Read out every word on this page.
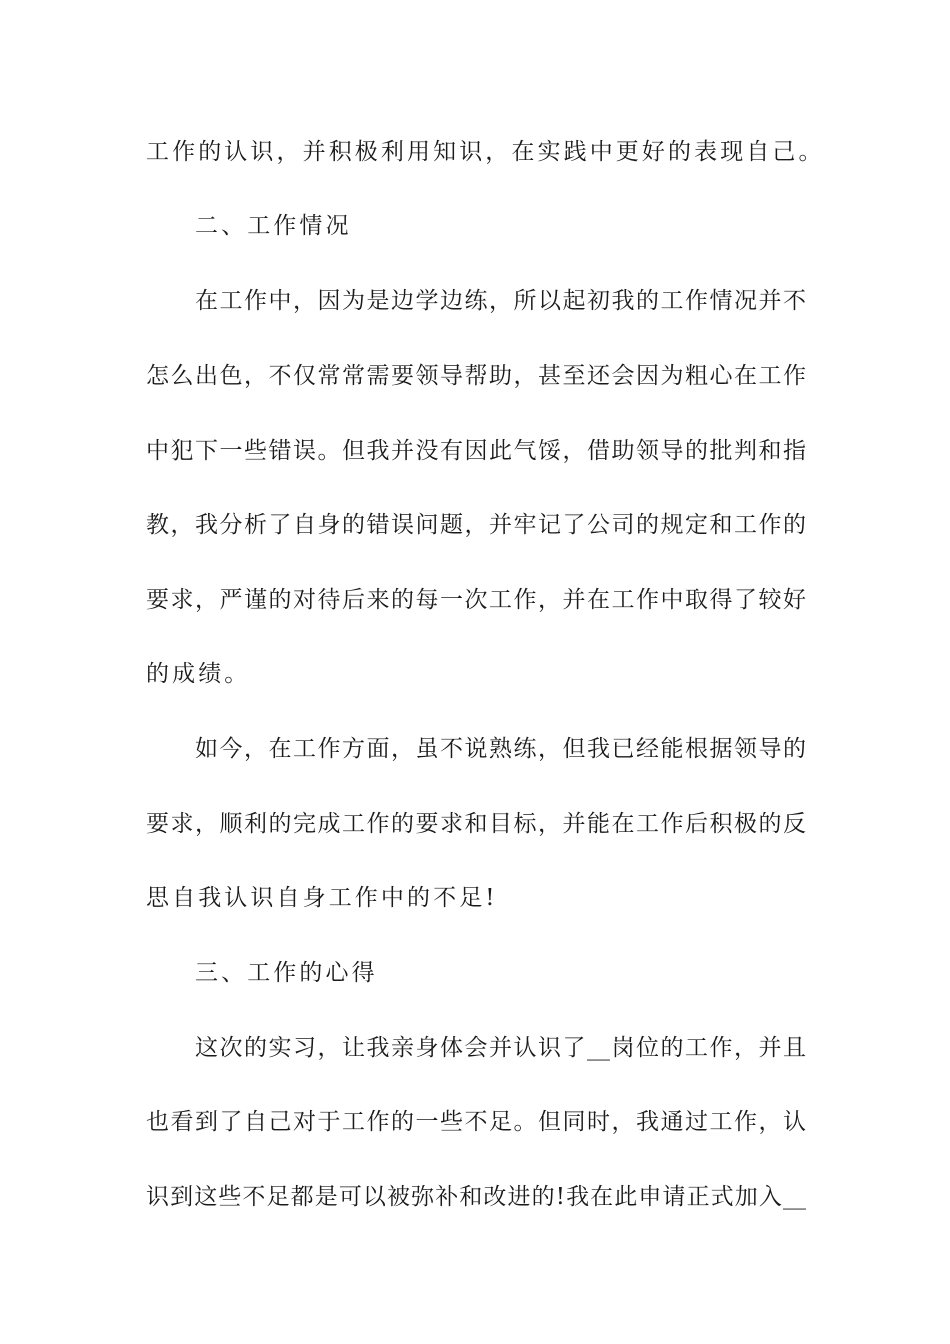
工作的认识，并积极利用知识，在实践中更好的表现自己。
二、工作情况
在工作中，因为是边学边练，所以起初我的工作情况并不
怎么出色，不仅常常需要领导帮助，甚至还会因为粗心在工作
中犯下一些错误。但我并没有因此气馁，借助领导的批判和指
教，我分析了自身的错误问题，并牢记了公司的规定和工作的
要求，严谨的对待后来的每一次工作，并在工作中取得了较好
的成绩。
如今，在工作方面，虽不说熟练，但我已经能根据领导的
要求，顺利的完成工作的要求和目标，并能在工作后积极的反
思自我认识自身工作中的不足!
三、工作的心得
这次的实习，让我亲身体会并认识了__岗位的工作，并且
也看到了自己对于工作的一些不足。但同时，我通过工作，认
识到这些不足都是可以被弥补和改进的!我在此申请正式加入__
